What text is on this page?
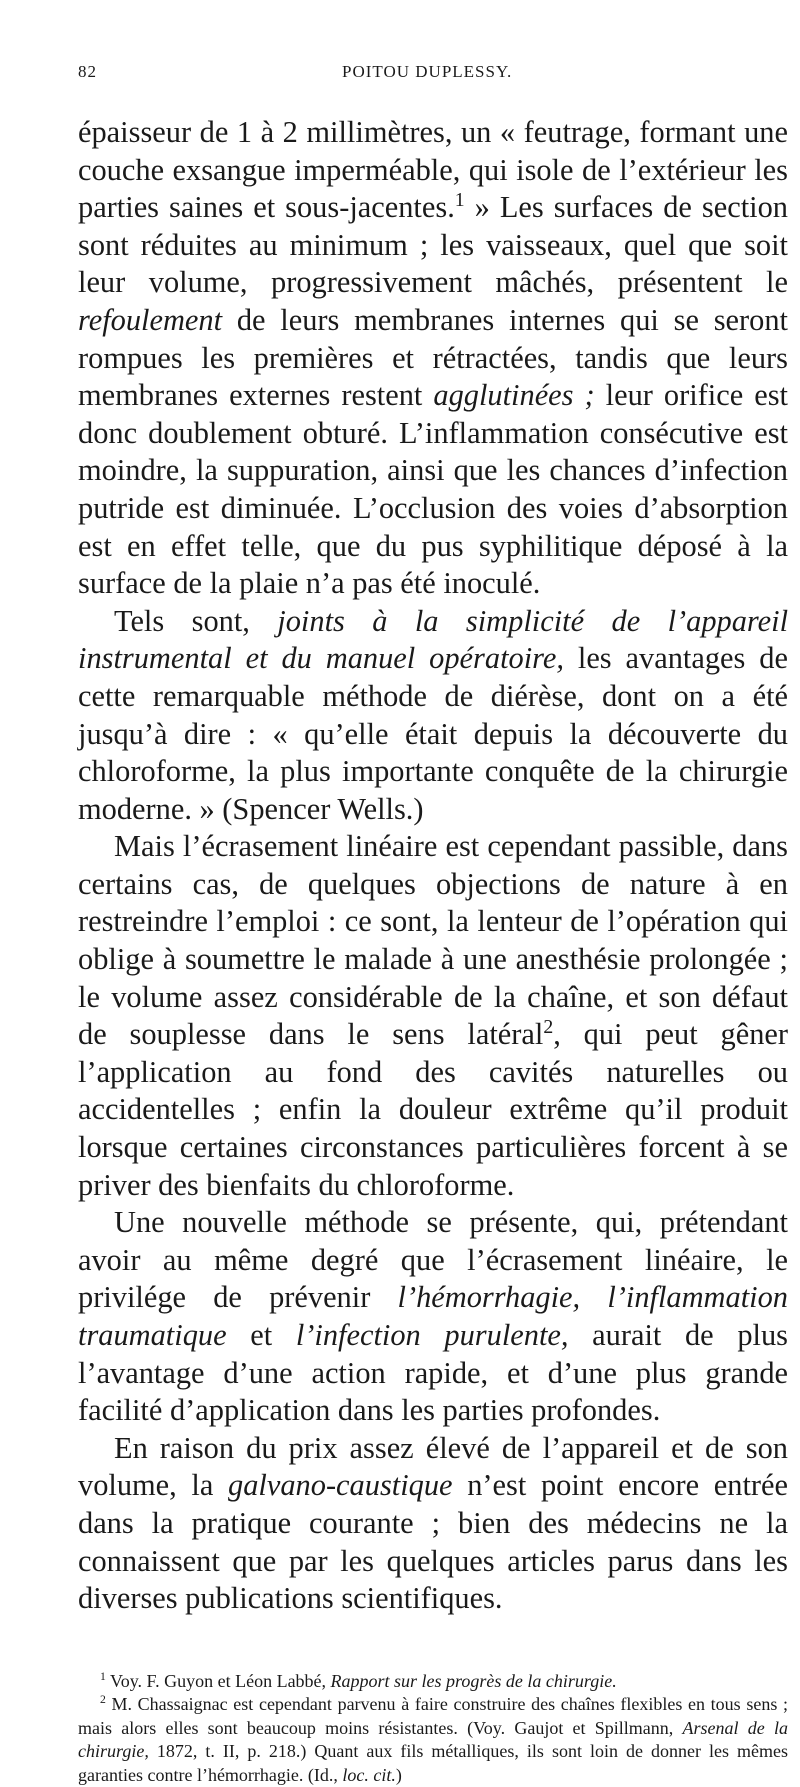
82	POITOU DUPLESSY.

épaisseur de 1 à 2 millimètres, un « feutrage, formant une couche exsangue imperméable, qui isole de l’extérieur les parties saines et sous-jacentes.$^1$ » Les surfaces de section sont réduites au minimum ; les vaisseaux, quel que soit leur volume, progressivement mâchés, présentent le refoulement de leurs membranes internes qui se seront rompues les premières et rétractées, tandis que leurs membranes externes restent agglutinées ; leur orifice est donc doublement obturé. L’inflammation consécutive est moindre, la suppuration, ainsi que les chances d’infection putride est diminuée. L’occlusion des voies d’absorption est en effet telle, que du pus syphilitique déposé à la surface de la plaie n’a pas été inoculé.

Tels sont, joints à la simplicité de l’appareil instrumental et du manuel opératoire, les avantages de cette remarquable méthode de diérèse, dont on a été jusqu’à dire : « qu’elle était depuis la découverte du chloroforme, la plus importante conquête de la chirurgie moderne. » (Spencer Wells.)

Mais l’écrasement linéaire est cependant passible, dans certains cas, de quelques objections de nature à en restreindre l’emploi : ce sont, la lenteur de l’opération qui oblige à soumettre le malade à une anesthésie prolongée ; le volume assez considérable de la chaîne, et son défaut de souplesse dans le sens latéral$^2$, qui peut gêner l’application au fond des cavités naturelles ou accidentelles ; enfin la douleur extrême qu’il produit lorsque certaines circonstances particulières forcent à se priver des bienfaits du chloroforme.

Une nouvelle méthode se présente, qui, prétendant avoir au même degré que l’écrasement linéaire, le privilége de prévenir l’hémorrhagie, l’inflammation traumatique et l’infection purulente, aurait de plus l’avantage d’une action rapide, et d’une plus grande facilité d’application dans les parties profondes.

En raison du prix assez élevé de l’appareil et de son volume, la galvano-caustique n’est point encore entrée dans la pratique courante ; bien des médecins ne la connaissent que par les quelques articles parus dans les diverses publications scientifiques.

$^1$ Voy. F. Guyon et Léon Labbé, Rapport sur les progrès de la chirurgie.

$^2$ M. Chassaignac est cependant parvenu à faire construire des chaînes flexibles en tous sens ; mais alors elles sont beaucoup moins résistantes. (Voy. Gaujot et Spillmann, Arsenal de la chirurgie, 1872, t. II, p. 218.) Quant aux fils métalliques, ils sont loin de donner les mêmes garanties contre l’hémorrhagie. (Id., loc. cit.)
